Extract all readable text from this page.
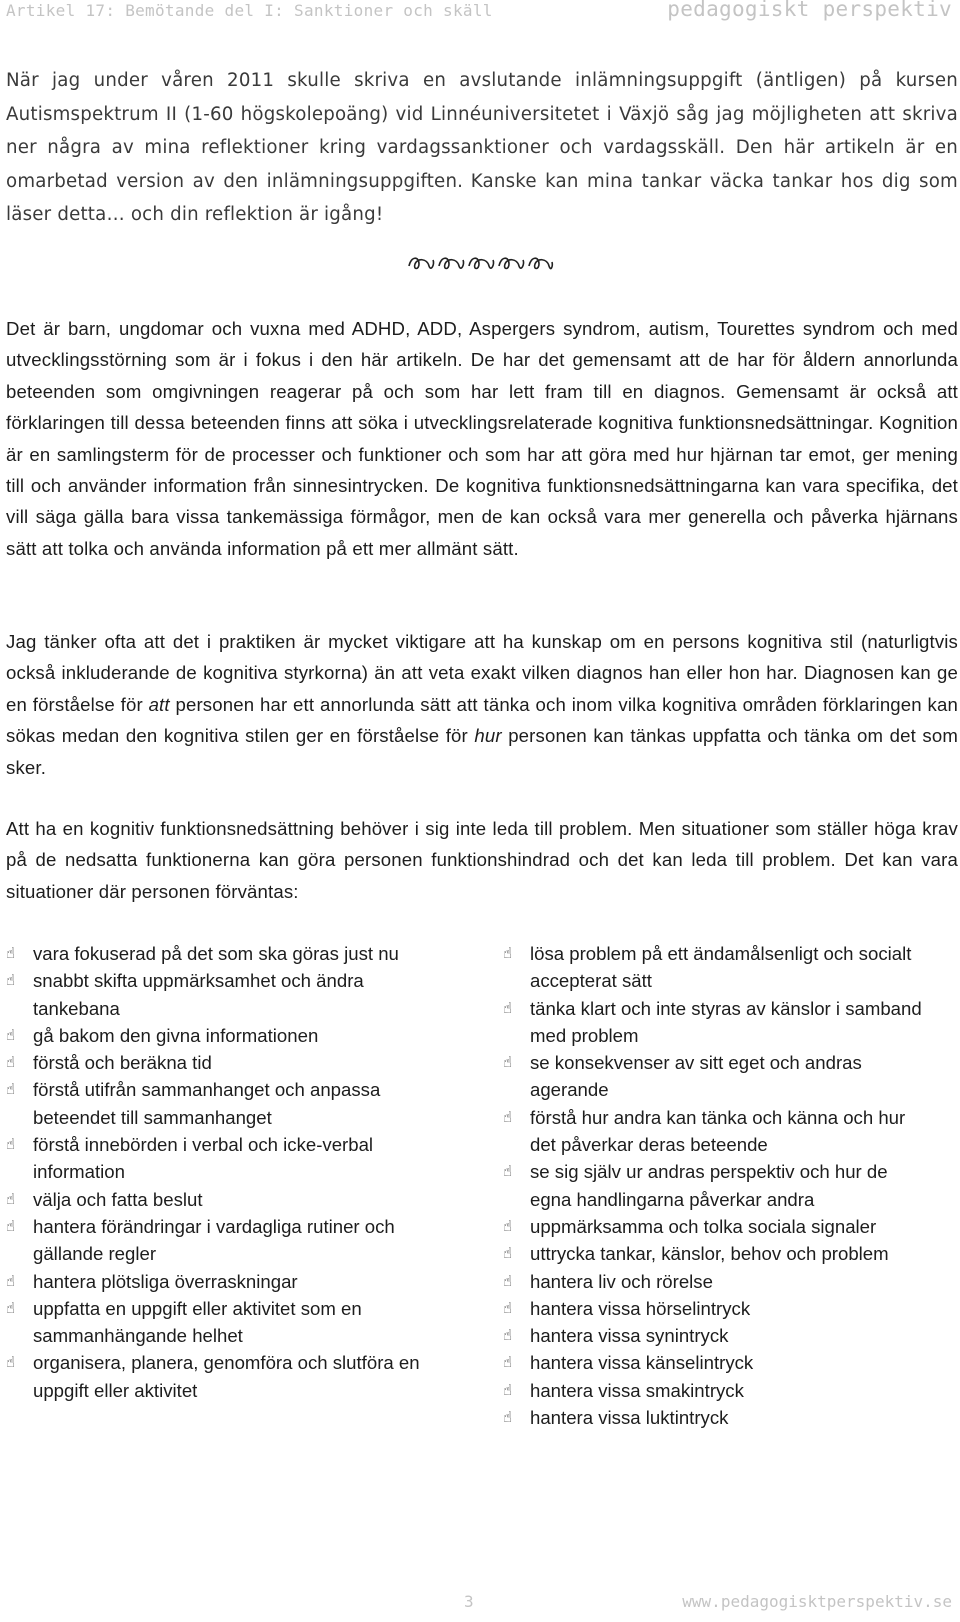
Artikel 17: Bemötande del I: Sanktioner och skäll	pedagogiskt perspektiv
När jag under våren 2011 skulle skriva en avslutande inlämningsuppgift (äntligen) på kursen Autismspektrum II (1-60 högskolepoäng) vid Linnéuniversitetet i Växjö såg jag möjligheten att skriva ner några av mina reflektioner kring vardagssanktioner och vardagsskäll. Den här artikeln är en omarbetad version av den inlämningsuppgiften. Kanske kan mina tankar väcka tankar hos dig som läser detta… och din reflektion är igång!
Det är barn, ungdomar och vuxna med ADHD, ADD, Aspergers syndrom, autism, Tourettes syndrom och med utvecklingsstörning som är i fokus i den här artikeln. De har det gemensamt att de har för åldern annorlunda beteenden som omgivningen reagerar på och som har lett fram till en diagnos. Gemensamt är också att förklaringen till dessa beteenden finns att söka i utvecklingsrelaterade kognitiva funktionsnedsättningar. Kognition är en samlingsterm för de processer och funktioner och som har att göra med hur hjärnan tar emot, ger mening till och använder information från sinnesintrycken. De kognitiva funktionsnedsättningarna kan vara specifika, det vill säga gälla bara vissa tankemässiga förmågor, men de kan också vara mer generella och påverka hjärnans sätt att tolka och använda information på ett mer allmänt sätt.
Jag tänker ofta att det i praktiken är mycket viktigare att ha kunskap om en persons kognitiva stil (naturligtvis också inkluderande de kognitiva styrkorna) än att veta exakt vilken diagnos han eller hon har. Diagnosen kan ge en förståelse för att personen har ett annorlunda sätt att tänka och inom vilka kognitiva områden förklaringen kan sökas medan den kognitiva stilen ger en förståelse för hur personen kan tänkas uppfatta och tänka om det som sker.
Att ha en kognitiv funktionsnedsättning behöver i sig inte leda till problem. Men situationer som ställer höga krav på de nedsatta funktionerna kan göra personen funktionshindrad och det kan leda till problem. Det kan vara situationer där personen förväntas:
☝ vara fokuserad på det som ska göras just nu
☝ snabbt skifta uppmärksamhet och ändra tankebana
☝ gå bakom den givna informationen
☝ förstå och beräkna tid
☝ förstå utifrån sammanhanget och anpassa beteendet till sammanhanget
☝ förstå innebörden i verbal och icke-verbal information
☝ välja och fatta beslut
☝ hantera förändringar i vardagliga rutiner och gällande regler
☝ hantera plötsliga överraskningar
☝ uppfatta en uppgift eller aktivitet som en sammanhängande helhet
☝ organisera, planera, genomföra och slutföra en uppgift eller aktivitet
☝ lösa problem på ett ändamålsenligt och socialt accepterat sätt
☝ tänka klart och inte styras av känslor i samband med problem
☝ se konsekvenser av sitt eget och andras agerande
☝ förstå hur andra kan tänka och känna och hur det påverkar deras beteende
☝ se sig själv ur andras perspektiv och hur de egna handlingarna påverkar andra
☝ uppmärksamma och tolka sociala signaler
☝ uttrycka tankar, känslor, behov och problem
☝ hantera liv och rörelse
☝ hantera vissa hörselintryck
☝ hantera vissa synintryck
☝ hantera vissa känselintryck
☝ hantera vissa smakintryck
☝ hantera vissa luktintryck
3	www.pedagogisktperspektiv.se
